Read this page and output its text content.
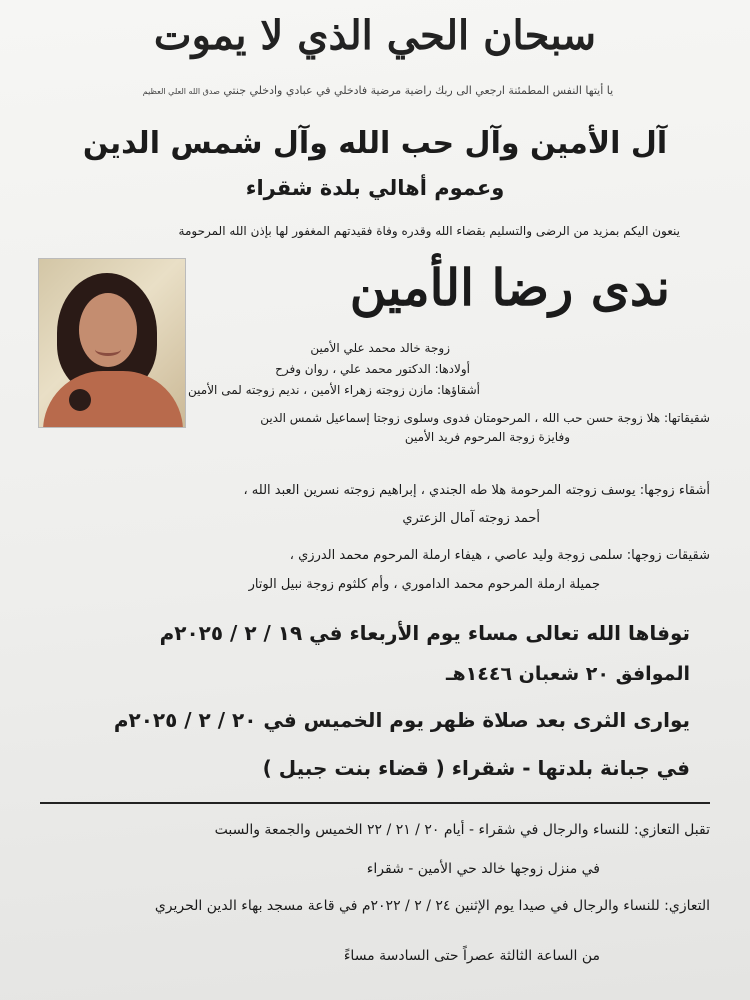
سبحان الحي الذي لا يموت
يا أيتها النفس المطمئنة ارجعي الى ربك راضية مرضية فادخلي في عبادي وادخلي جنتي صدق الله العلي العظيم
آل الأمين وآل حب الله وآل شمس الدين
وعموم أهالي بلدة شقراء
ينعون اليكم بمزيد من الرضى والتسليم بقضاء الله وقدره وفاة فقيدتهم المغفور لها بإذن الله المرحومة
ندى رضا الأمين
زوجة خالد محمد علي الأمين
أولادها: الدكتور محمد علي ، روان وفرح
أشقاؤها: مازن زوجته زهراء الأمين ، نديم زوجته لمى الأمين
شقيقاتها: هلا زوجة حسن حب الله ، المرحومتان فدوى وسلوى زوجتا إسماعيل شمس الدين
وفايزة زوجة المرحوم فريد الأمين
أشقاء زوجها: يوسف زوجته المرحومة هلا طه الجندي ، إبراهيم زوجته نسرين العبد الله ،
أحمد زوجته آمال الزعتري
شقيقات زوجها: سلمى زوجة وليد عاصي ، هيفاء ارملة المرحوم محمد الدرزي ،
جميلة ارملة المرحوم محمد الداموري ، وأم كلثوم زوجة نبيل الوتار
توفاها الله تعالى مساء يوم الأربعاء في ١٩ / ٢ / ٢٠٢٥م
الموافق ٢٠ شعبان ١٤٤٦هـ
يوارى الثرى بعد صلاة ظهر يوم الخميس في ٢٠ / ٢ / ٢٠٢٥م
في جبانة بلدتها - شقراء ( قضاء بنت جبيل )
تقبل التعازي: للنساء والرجال في شقراء - أيام ٢٠ / ٢١ / ٢٢ الخميس والجمعة والسبت
في منزل زوجها خالد حي الأمين - شقراء
التعازي: للنساء والرجال في صيدا يوم الإثنين ٢٤ / ٢ / ٢٠٢٢م في قاعة مسجد بهاء الدين الحريري
من الساعة الثالثة عصراً حتى السادسة مساءً
